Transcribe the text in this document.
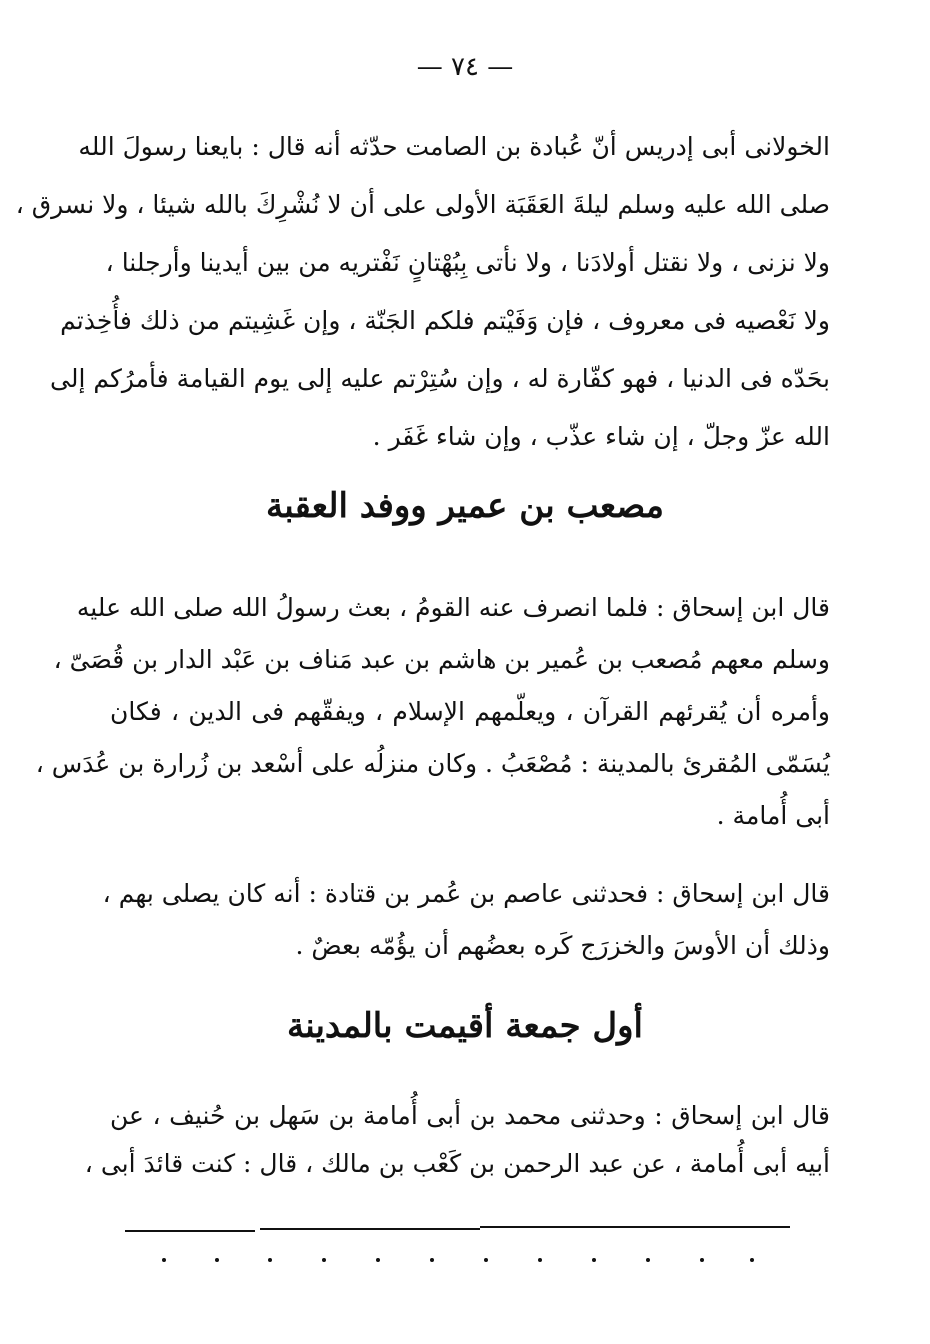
— ٧٤ —
الخولانى أبى إدريس أنّ عُبادة بن الصامت حدّثه أنه قال : بايعنا رسولَ الله
صلى الله عليه وسلم ليلةَ العَقَبَة الأولى على أن لا نُشْرِكَ بالله شيئا ، ولا نسرق ،
ولا نزنى ، ولا نقتل أولادَنا ، ولا نأتى بِبُهْتانٍ نَفْتريه من بين أيدينا وأرجلنا ،
ولا نَعْصيه فى معروف ، فإن وَفَيْتم فلكم الجَنّة ، وإن غَشِيتم من ذلك فأُخِذتم
بحَدّه فى الدنيا ، فهو كفّارة له ، وإن سُتِرْتم عليه إلى يوم القيامة فأمرُكم إلى
الله عزّ وجلّ ، إن شاء عذّب ، وإن شاء غَفَر .
مصعب بن عمير ووفد العقبة
قال ابن إسحاق : فلما انصرف عنه القومُ ، بعث رسولُ الله صلى الله عليه
وسلم معهم مُصعب بن عُمير بن هاشم بن عبد مَناف بن عَبْد الدار بن قُصَىّ ،
وأمره أن يُقرئهم القرآن ، ويعلّمهم الإسلام ، ويفقّهم فى الدين ، فكان
يُسَمّى المُقرئ بالمدينة : مُصْعَبُ . وكان منزلُه على أسْعد بن زُرارة بن عُدَس ،
أبى أُمامة .
قال ابن إسحاق : فحدثنى عاصم بن عُمر بن قتادة : أنه كان يصلى بهم ،
وذلك أن الأوسَ والخزرَج كَره بعضُهم أن يؤُمّه بعضٌ .
أول جمعة أقيمت بالمدينة
قال ابن إسحاق : وحدثنى محمد بن أبى أُمامة بن سَهل بن حُنيف ، عن
أبيه أبى أُمامة ، عن عبد الرحمن بن كَعْب بن مالك ، قال : كنت قائدَ أبى ،
